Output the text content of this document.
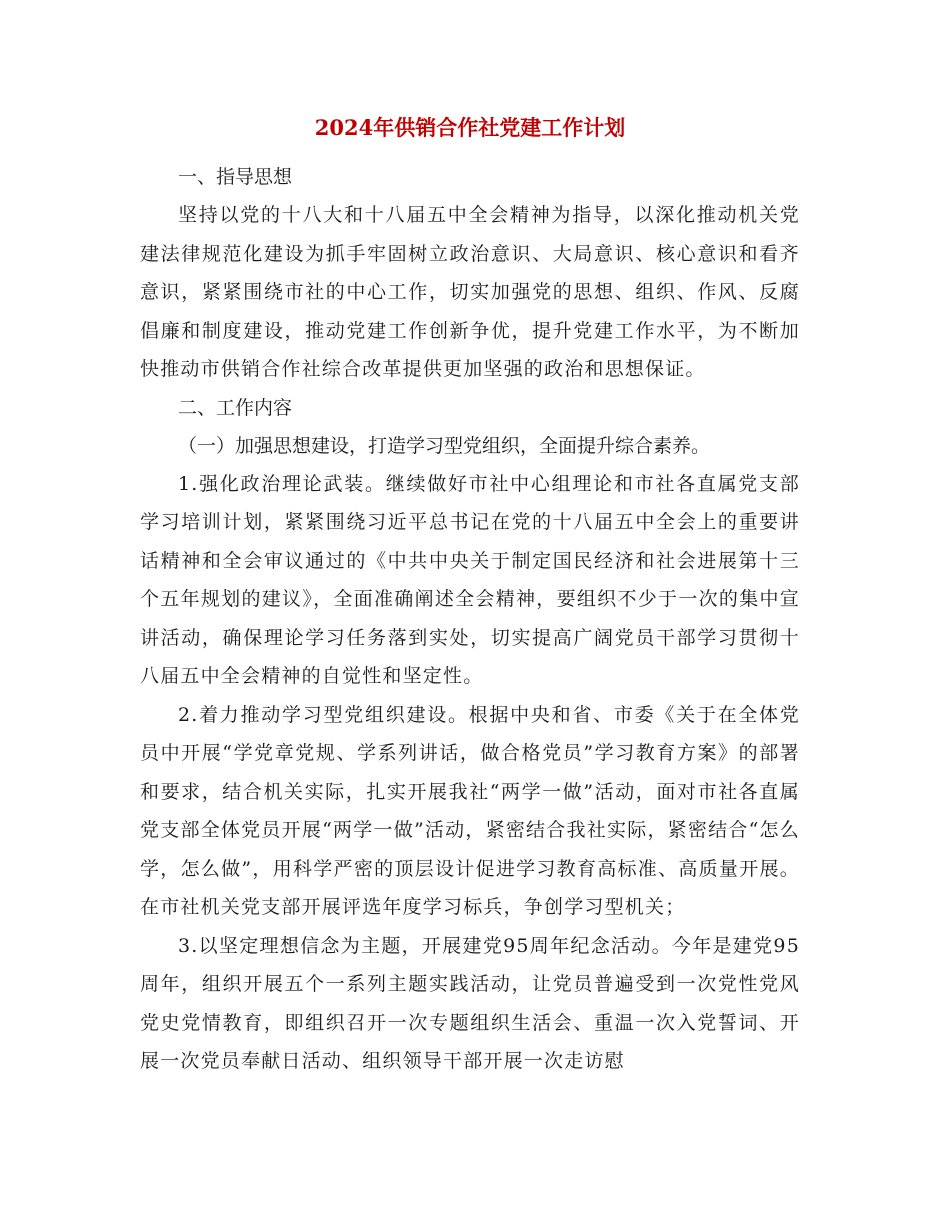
2024年供销合作社党建工作计划

一、指导思想

坚持以党的十八大和十八届五中全会精神为指导，以深化推动机关党建法律规范化建设为抓手牢固树立政治意识、大局意识、核心意识和看齐意识，紧紧围绕市社的中心工作，切实加强党的思想、组织、作风、反腐倡廉和制度建设，推动党建工作创新争优，提升党建工作水平，为不断加快推动市供销合作社综合改革提供更加坚强的政治和思想保证。

二、工作内容

（一）加强思想建设，打造学习型党组织，全面提升综合素养。

1.强化政治理论武装。继续做好市社中心组理论和市社各直属党支部学习培训计划，紧紧围绕习近平总书记在党的十八届五中全会上的重要讲话精神和全会审议通过的《中共中央关于制定国民经济和社会进展第十三个五年规划的建议》，全面准确阐述全会精神，要组织不少于一次的集中宣讲活动，确保理论学习任务落到实处，切实提高广阔党员干部学习贯彻十八届五中全会精神的自觉性和坚定性。

2.着力推动学习型党组织建设。根据中央和省、市委《关于在全体党员中开展“学党章党规、学系列讲话，做合格党员”学习教育方案》的部署和要求，结合机关实际，扎实开展我社“两学一做”活动，面对市社各直属党支部全体党员开展“两学一做”活动，紧密结合我社实际，紧密结合“怎么学，怎么做”，用科学严密的顶层设计促进学习教育高标准、高质量开展。在市社机关党支部开展评选年度学习标兵，争创学习型机关；

3.以坚定理想信念为主题，开展建党95周年纪念活动。今年是建党95周年，组织开展五个一系列主题实践活动，让党员普遍受到一次党性党风党史党情教育，即组织召开一次专题组织生活会、重温一次入党誓词、开展一次党员奉献日活动、组织领导干部开展一次走访慰
